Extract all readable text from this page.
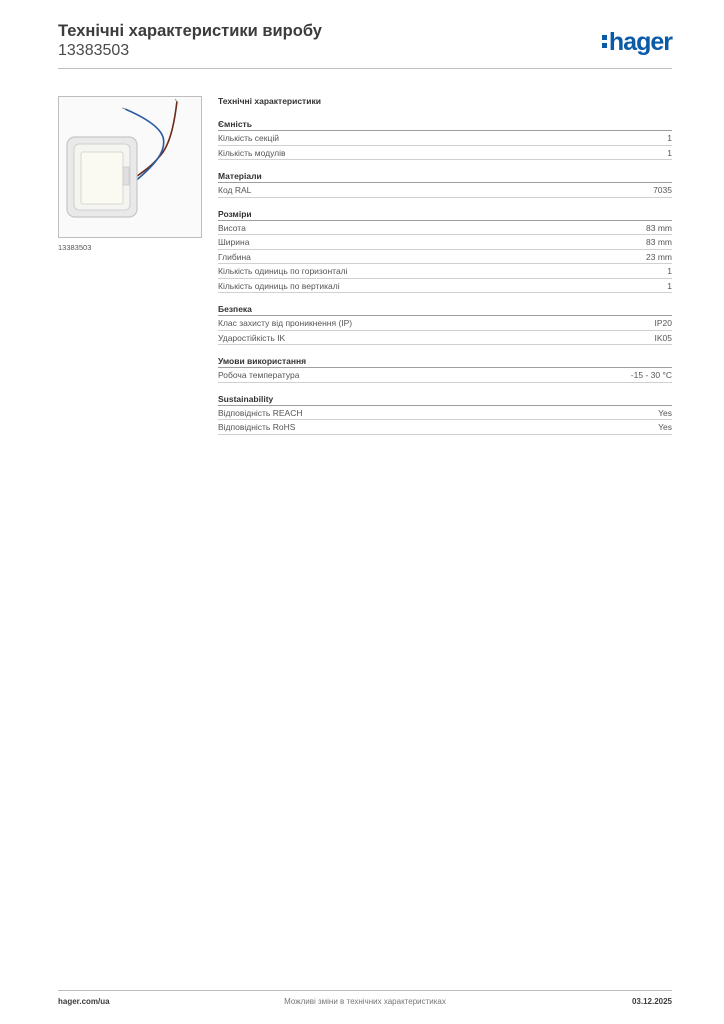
Технічні характеристики виробу
13383503	hager
13383503
Технічні характеристики
Ємність
Кількість секцій	1
Кількість модулів	1
Матеріали
Код RAL	7035
Розміри
Висота	83 mm
Ширина	83 mm
Глибина	23 mm
Кількість одиниць по горизонталі	1
Кількість одиниць по вертикалі	1
Безпека
Клас захисту від проникнення (IP)	IP20
Ударостійкість IK	IK05
Умови використання
Робоча температура	-15 - 30 °C
Sustainability
Відповідність REACH	Yes
Відповідність RoHS	Yes
hager.com/ua	Можливі зміни в технічних характеристиках	03.12.2025
